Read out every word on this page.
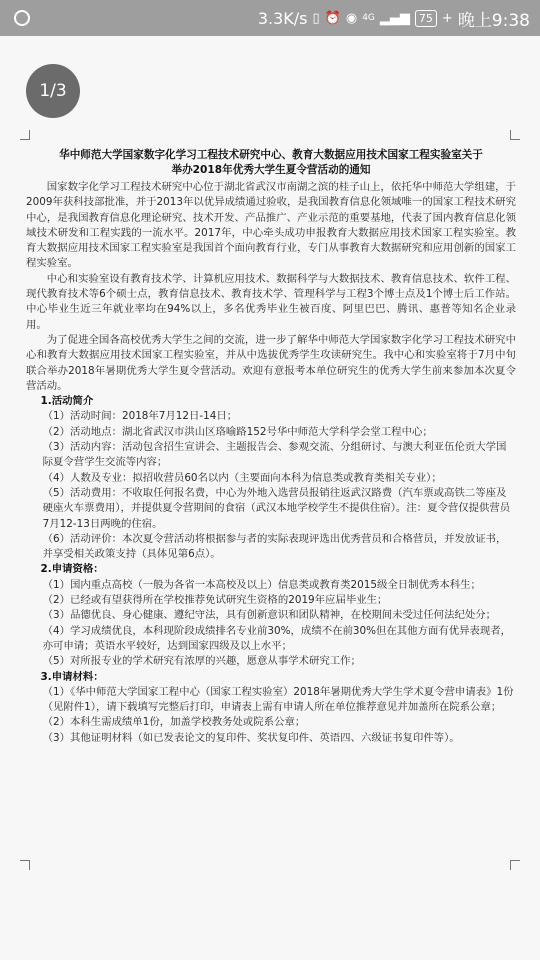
3.3K/s ▯ ⏰ ◉ 4G ▂▄▆ 75 + 晚上9:38
1/3
华中师范大学国家数字化学习工程技术研究中心、教育大数据应用技术国家工程实验室关于
举办2018年优秀大学生夏令营活动的通知

国家数字化学习工程技术研究中心位于湖北省武汉市南湖之滨的桂子山上，依托华中师范大学组建，于2009年获科技部批准，并于2013年以优异成绩通过验收，是我国教育信息化领域唯一的国家工程技术研究中心，是我国教育信息化理论研究、技术开发、产品推广、产业示范的重要基地，代表了国内教育信息化领域技术研发和工程实践的一流水平。2017年，中心牵头成功申报教育大数据应用技术国家工程实验室。教育大数据应用技术国家工程实验室是我国首个面向教育行业，专门从事教育大数据研究和应用创新的国家工程实验室。

中心和实验室设有教育技术学、计算机应用技术、数据科学与大数据技术、教育信息技术、软件工程、现代教育技术等6个硕士点，教育信息技术、教育技术学、管理科学与工程3个博士点及1个博士后工作站。中心毕业生近三年就业率均在94%以上，多名优秀毕业生被百度、阿里巴巴、腾讯、惠普等知名企业录用。

为了促进全国各高校优秀大学生之间的交流，进一步了解华中师范大学国家数字化学习工程技术研究中心和教育大数据应用技术国家工程实验室，并从中选拔优秀学生攻读研究生。我中心和实验室将于7月中旬联合举办2018年暑期优秀大学生夏令营活动。欢迎有意报考本单位研究生的优秀大学生前来参加本次夏令营活动。

1.活动简介

（1）活动时间：2018年7月12日-14日；

（2）活动地点：湖北省武汉市洪山区珞喻路152号华中师范大学科学会堂工程中心；

（3）活动内容：活动包含招生宣讲会、主题报告会、参观交流、分组研讨、与澳大利亚伍伦贡大学国际夏令营学生交流等内容；

（4）人数及专业：拟招收营员60名以内（主要面向本科为信息类或教育类相关专业）；

（5）活动费用：不收取任何报名费，中心为外地入选营员报销往返武汉路费（汽车票或高铁二等座及硬座火车票费用），并提供夏令营期间的食宿（武汉本地学校学生不提供住宿）。注：夏令营仅提供营员7月12-13日两晚的住宿。

（6）活动评价：本次夏令营活动将根据参与者的实际表现评选出优秀营员和合格营员，并发放证书，并享受相关政策支持（具体见第6点）。

2.申请资格：

（1）国内重点高校（一般为各省一本高校及以上）信息类或教育类2015级全日制优秀本科生；

（2）已经或有望获得所在学校推荐免试研究生资格的2019年应届毕业生；

（3）品德优良、身心健康、遵纪守法，具有创新意识和团队精神，在校期间未受过任何法纪处分；

（4）学习成绩优良，本科现阶段成绩排名专业前30%，成绩不在前30%但在其他方面有优异表现者，亦可申请；英语水平较好，达到国家四级及以上水平；

（5）对所报专业的学术研究有浓厚的兴趣，愿意从事学术研究工作；

3.申请材料：

（1）《华中师范大学国家工程中心（国家工程实验室）2018年暑期优秀大学生学术夏令营申请表》1份（见附件1），请下载填写完整后打印，申请表上需有申请人所在单位推荐意见并加盖所在院系公章；

（2）本科生需成绩单1份，加盖学校教务处或院系公章；

（3）其他证明材料（如已发表论文的复印件、奖状复印件、英语四、六级证书复印件等）。
